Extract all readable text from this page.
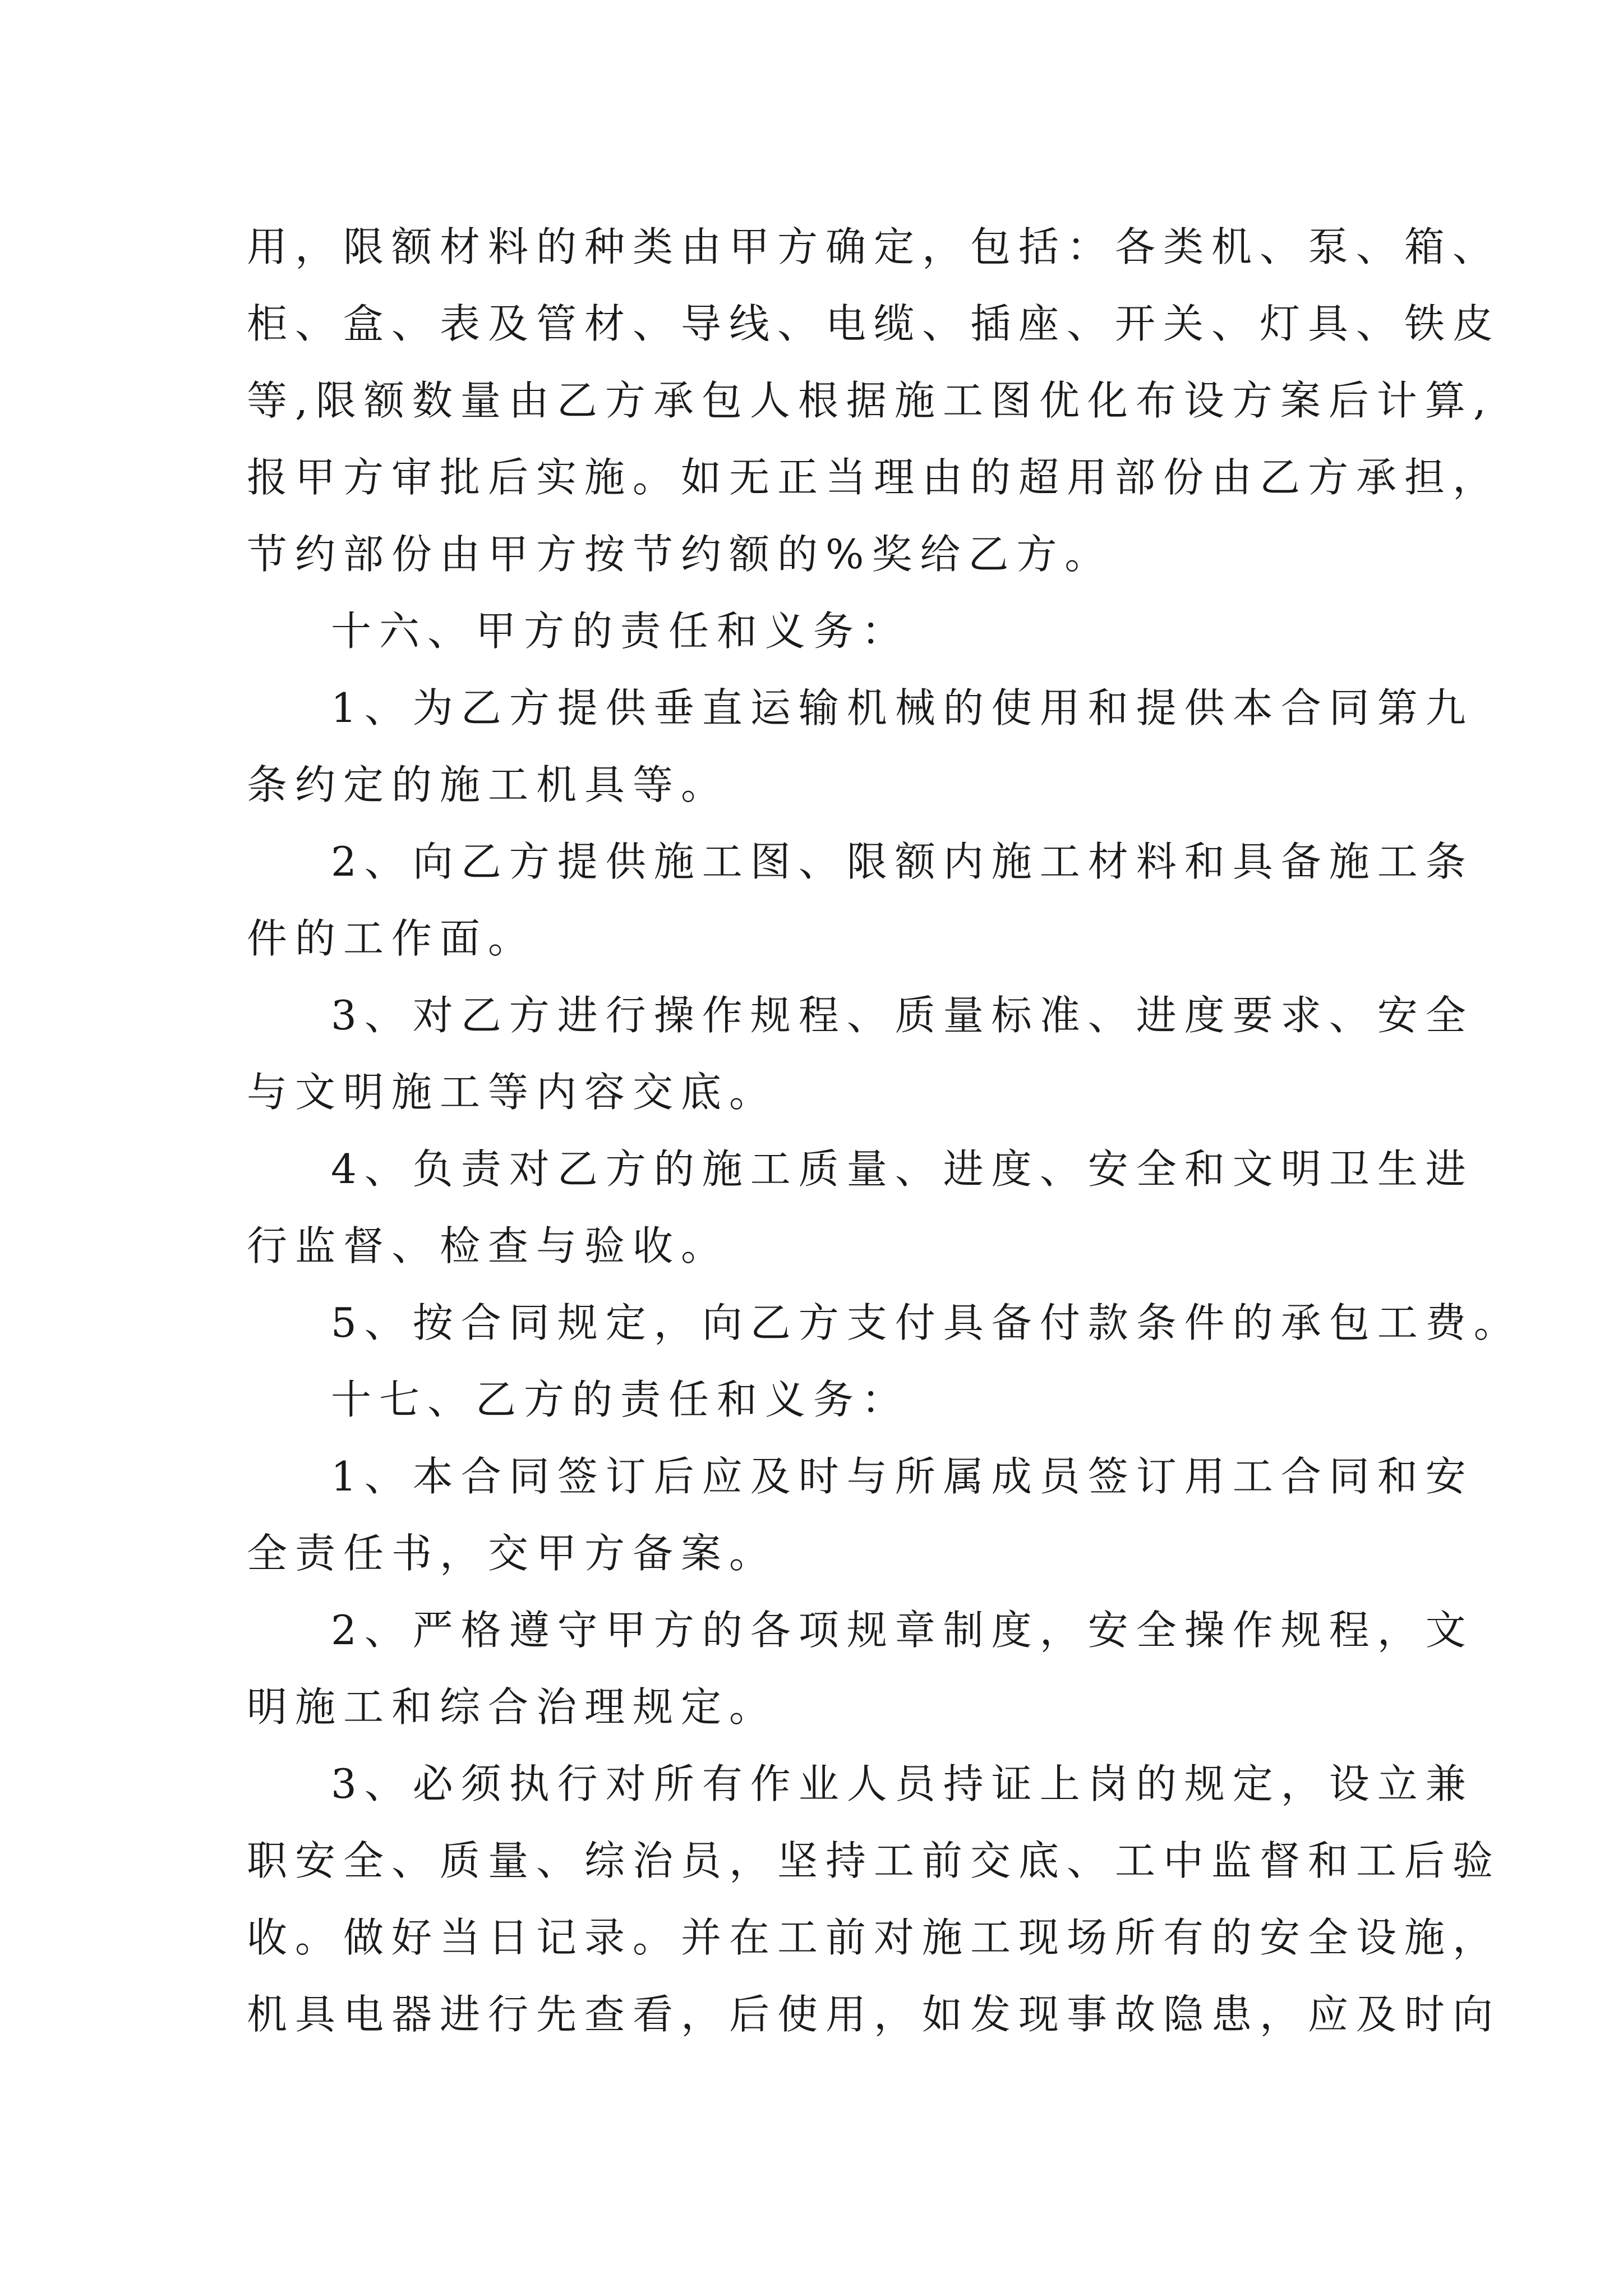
用，限额材料的种类由甲方确定，包括：各类机、泵、箱、
柜、盒、表及管材、导线、电缆、插座、开关、灯具、铁皮
等,限额数量由乙方承包人根据施工图优化布设方案后计算,
报甲方审批后实施。如无正当理由的超用部份由乙方承担，
节约部份由甲方按节约额的%奖给乙方。
十六、甲方的责任和义务：
1、为乙方提供垂直运输机械的使用和提供本合同第九
条约定的施工机具等。
2、向乙方提供施工图、限额内施工材料和具备施工条
件的工作面。
3、对乙方进行操作规程、质量标准、进度要求、安全
与文明施工等内容交底。
4、负责对乙方的施工质量、进度、安全和文明卫生进
行监督、检查与验收。
5、按合同规定，向乙方支付具备付款条件的承包工费。
十七、乙方的责任和义务：
1、本合同签订后应及时与所属成员签订用工合同和安
全责任书，交甲方备案。
2、严格遵守甲方的各项规章制度，安全操作规程，文
明施工和综合治理规定。
3、必须执行对所有作业人员持证上岗的规定，设立兼
职安全、质量、综治员，坚持工前交底、工中监督和工后验
收。做好当日记录。并在工前对施工现场所有的安全设施，
机具电器进行先查看，后使用，如发现事故隐患，应及时向
